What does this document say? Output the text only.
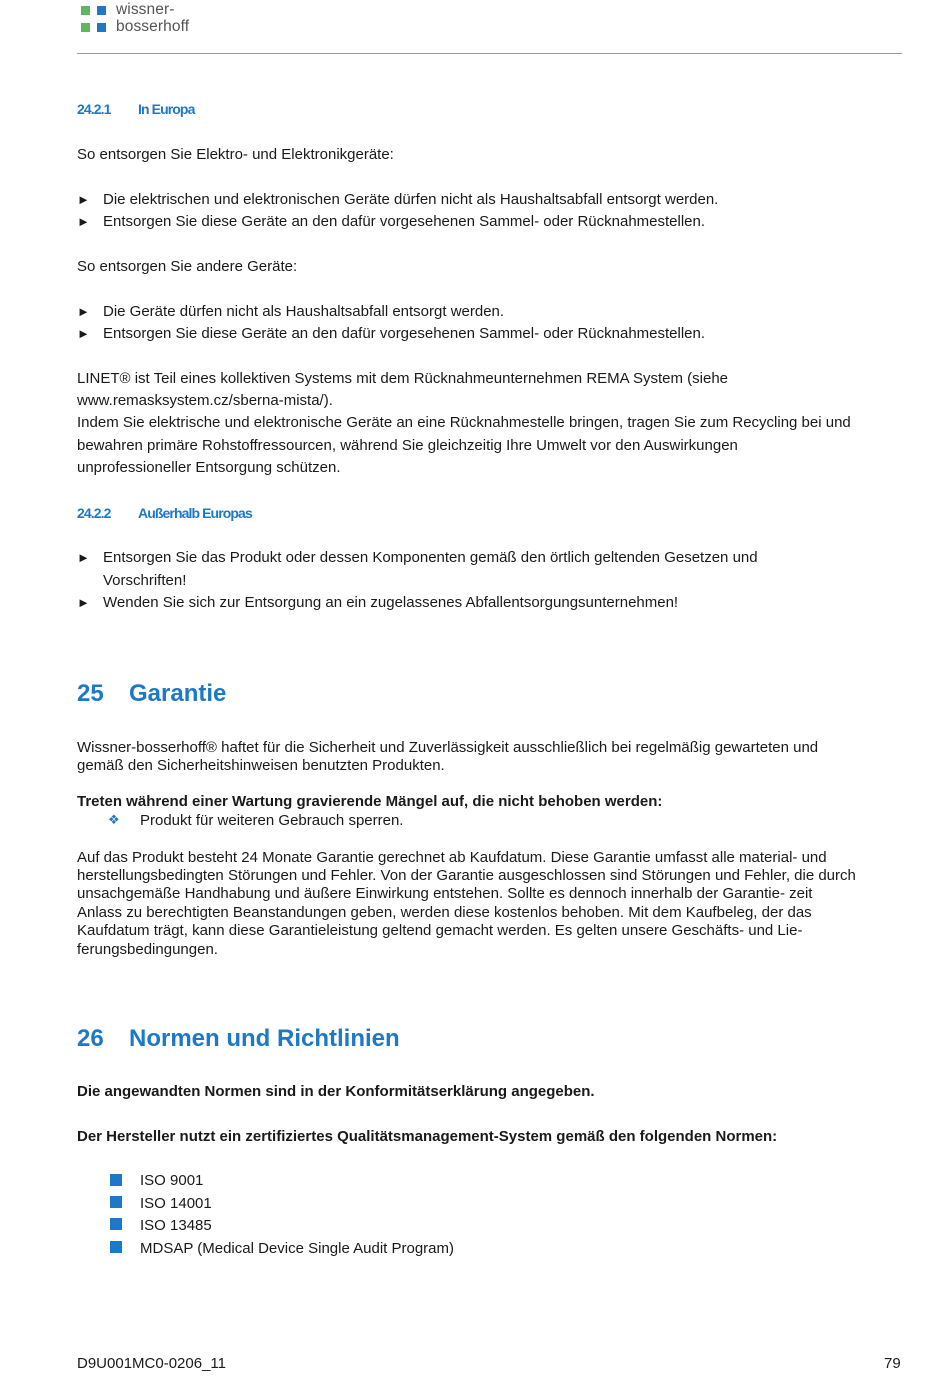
wissner-
bosserhoff
24.2.1 In Europa
So entsorgen Sie Elektro- und Elektronikgeräte:
► Die elektrischen und elektronischen Geräte dürfen nicht als Haushaltsabfall entsorgt werden.
► Entsorgen Sie diese Geräte an den dafür vorgesehenen Sammel- oder Rücknahmestellen.
So entsorgen Sie andere Geräte:
► Die Geräte dürfen nicht als Haushaltsabfall entsorgt werden.
► Entsorgen Sie diese Geräte an den dafür vorgesehenen Sammel- oder Rücknahmestellen.
LINET® ist Teil eines kollektiven Systems mit dem Rücknahmeunternehmen REMA System (siehe
www.remasksystem.cz/sberna-mista/).
Indem Sie elektrische und elektronische Geräte an eine Rücknahmestelle bringen, tragen Sie zum Recycling bei und
bewahren primäre Rohstoffressourcen, während Sie gleichzeitig Ihre Umwelt vor den Auswirkungen
unprofessioneller Entsorgung schützen.
24.2.2 Außerhalb Europas
► Entsorgen Sie das Produkt oder dessen Komponenten gemäß den örtlich geltenden Gesetzen und
Vorschriften!
► Wenden Sie sich zur Entsorgung an ein zugelassenes Abfallentsorgungsunternehmen!
25 Garantie
Wissner-bosserhoff® haftet für die Sicherheit und Zuverlässigkeit ausschließlich bei regelmäßig gewarteten und
gemäß den Sicherheitshinweisen benutzten Produkten.
Treten während einer Wartung gravierende Mängel auf, die nicht behoben werden:
❖ Produkt für weiteren Gebrauch sperren.
Auf das Produkt besteht 24 Monate Garantie gerechnet ab Kaufdatum. Diese Garantie umfasst alle material- und
herstellungsbedingten Störungen und Fehler. Von der Garantie ausgeschlossen sind Störungen und Fehler, die durch
unsachgemäße Handhabung und äußere Einwirkung entstehen. Sollte es dennoch innerhalb der Garantie- zeit
Anlass zu berechtigten Beanstandungen geben, werden diese kostenlos behoben. Mit dem Kaufbeleg, der das
Kaufdatum trägt, kann diese Garantieleistung geltend gemacht werden. Es gelten unsere Geschäfts- und Lie-
ferungsbedingungen.
26 Normen und Richtlinien
Die angewandten Normen sind in der Konformitätserklärung angegeben.
Der Hersteller nutzt ein zertifiziertes Qualitätsmanagement-System gemäß den folgenden Normen:
ISO 9001
ISO 14001
ISO 13485
MDSAP (Medical Device Single Audit Program)
D9U001MC0-0206_11	79
